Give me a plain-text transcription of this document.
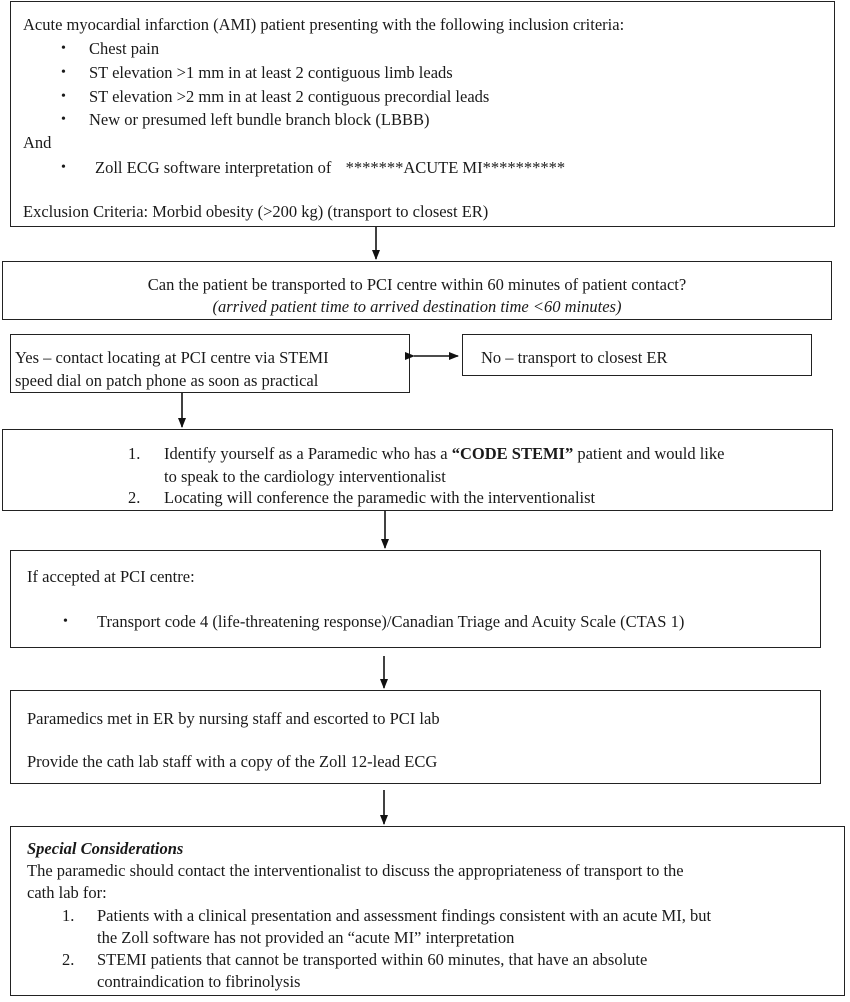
Acute myocardial infarction (AMI) patient presenting with the following inclusion criteria:
• Chest pain
• ST elevation >1 mm in at least 2 contiguous limb leads
• ST elevation >2 mm in at least 2 contiguous precordial leads
• New or presumed left bundle branch block (LBBB)
And
• Zoll ECG software interpretation of *******ACUTE MI**********
Exclusion Criteria: Morbid obesity (>200 kg) (transport to closest ER)
Can the patient be transported to PCI centre within 60 minutes of patient contact?
(arrived patient time to arrived destination time <60 minutes)
Yes – contact locating at PCI centre via STEMI
speed dial on patch phone as soon as practical
No – transport to closest ER
1. Identify yourself as a Paramedic who has a “CODE STEMI” patient and would like
to speak to the cardiology interventionalist
2. Locating will conference the paramedic with the interventionalist
If accepted at PCI centre:
• Transport code 4 (life-threatening response)/Canadian Triage and Acuity Scale (CTAS 1)
Paramedics met in ER by nursing staff and escorted to PCI lab
Provide the cath lab staff with a copy of the Zoll 12-lead ECG
Special Considerations
The paramedic should contact the interventionalist to discuss the appropriateness of transport to the
cath lab for:
1. Patients with a clinical presentation and assessment findings consistent with an acute MI, but
the Zoll software has not provided an “acute MI” interpretation
2. STEMI patients that cannot be transported within 60 minutes, that have an absolute
contraindication to fibrinolysis
